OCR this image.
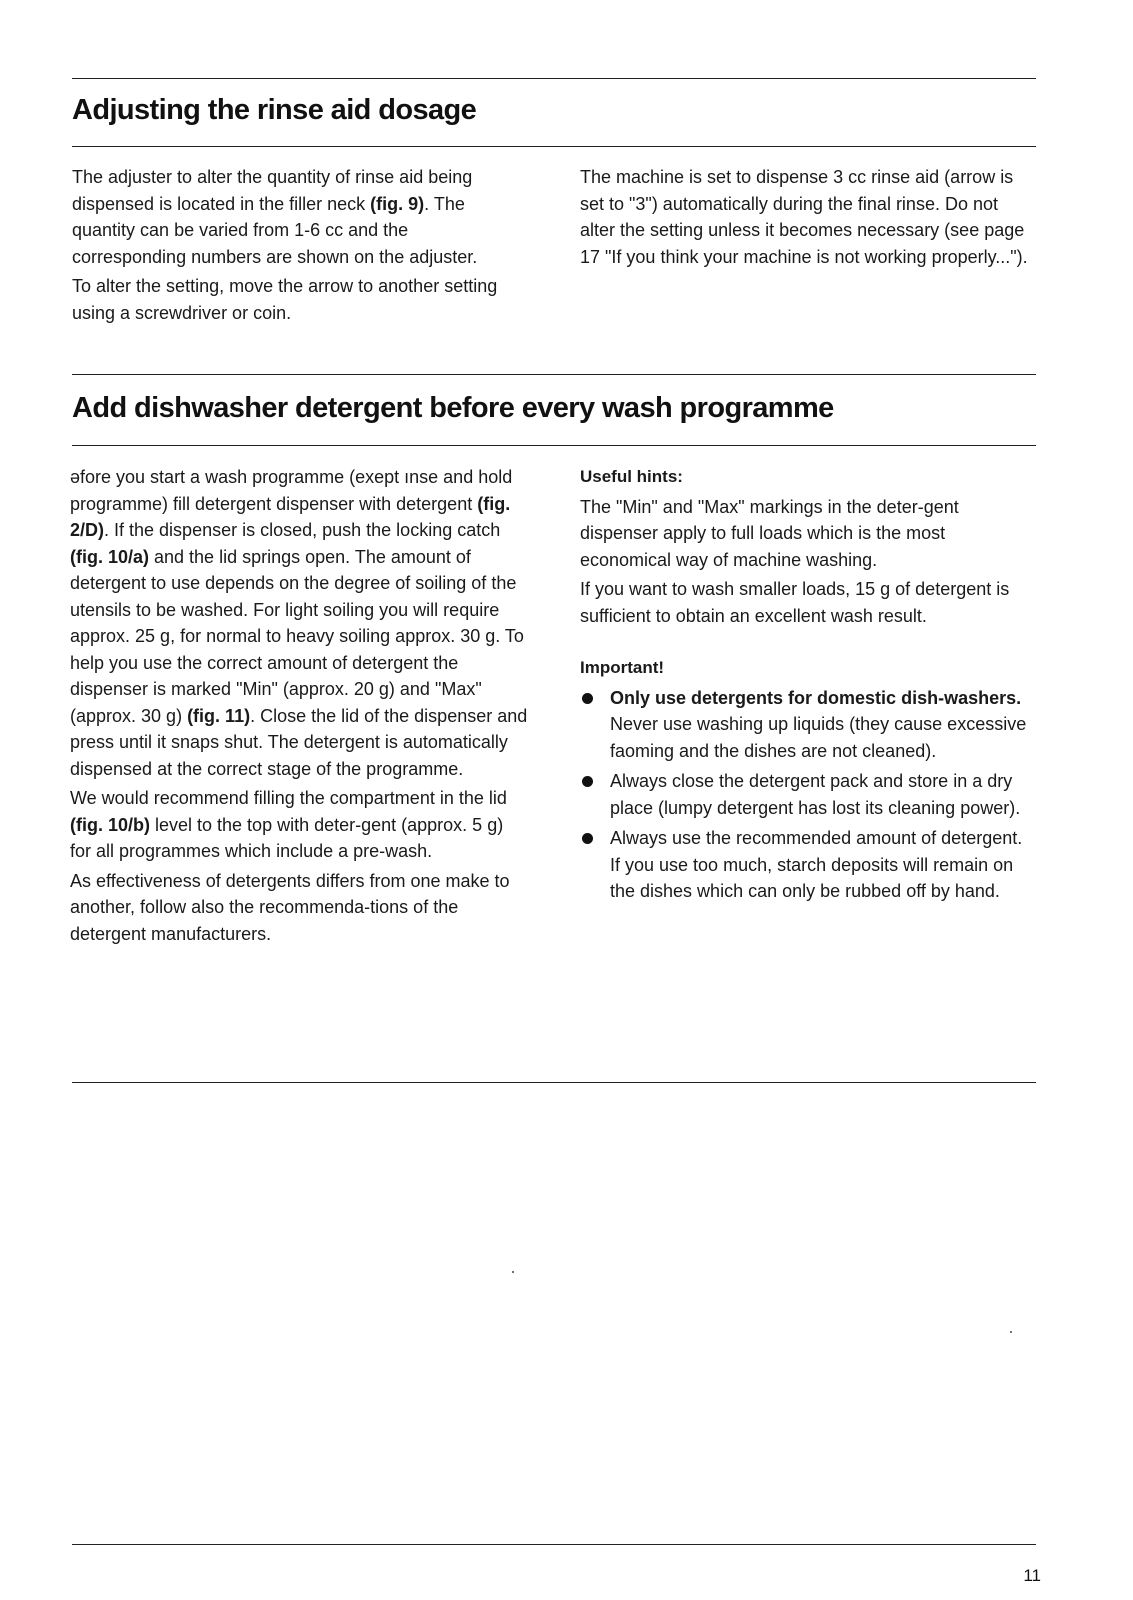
Adjusting the rinse aid dosage

The adjuster to alter the quantity of rinse aid being dispensed is located in the filler neck (fig. 9). The quantity can be varied from 1-6 cc and the corresponding numbers are shown on the adjuster.

To alter the setting, move the arrow to another setting using a screwdriver or coin.

The machine is set to dispense 3 cc rinse aid (arrow is set to "3") automatically during the final rinse. Do not alter the setting unless it becomes necessary (see page 17 "If you think your machine is not working properly...").

Add dishwasher detergent before every wash programme

əfore you start a wash programme (exept ınse and hold programme) fill detergent dispenser with detergent (fig. 2/D). If the dispenser is closed, push the locking catch (fig. 10/a) and the lid springs open. The amount of detergent to use depends on the degree of soiling of the utensils to be washed. For light soiling you will require approx. 25 g, for normal to heavy soiling approx. 30 g. To help you use the correct amount of detergent the dispenser is marked "Min" (approx. 20 g) and "Max" (approx. 30 g) (fig. 11). Close the lid of the dispenser and press until it snaps shut. The detergent is automatically dispensed at the correct stage of the programme.

We would recommend filling the compartment in the lid (fig. 10/b) level to the top with deter-gent (approx. 5 g) for all programmes which include a pre-wash.

As effectiveness of detergents differs from one make to another, follow also the recommenda-tions of the detergent manufacturers.

Useful hints:

The "Min" and "Max" markings in the deter-gent dispenser apply to full loads which is the most economical way of machine washing.

If you want to wash smaller loads, 15 g of detergent is sufficient to obtain an excellent wash result.

Important!

Only use detergents for domestic dish-washers. Never use washing up liquids (they cause excessive faoming and the dishes are not cleaned).
Always close the detergent pack and store in a dry place (lumpy detergent has lost its cleaning power).
Always use the recommended amount of detergent.
If you use too much, starch deposits will remain on the dishes which can only be rubbed off by hand.
11
